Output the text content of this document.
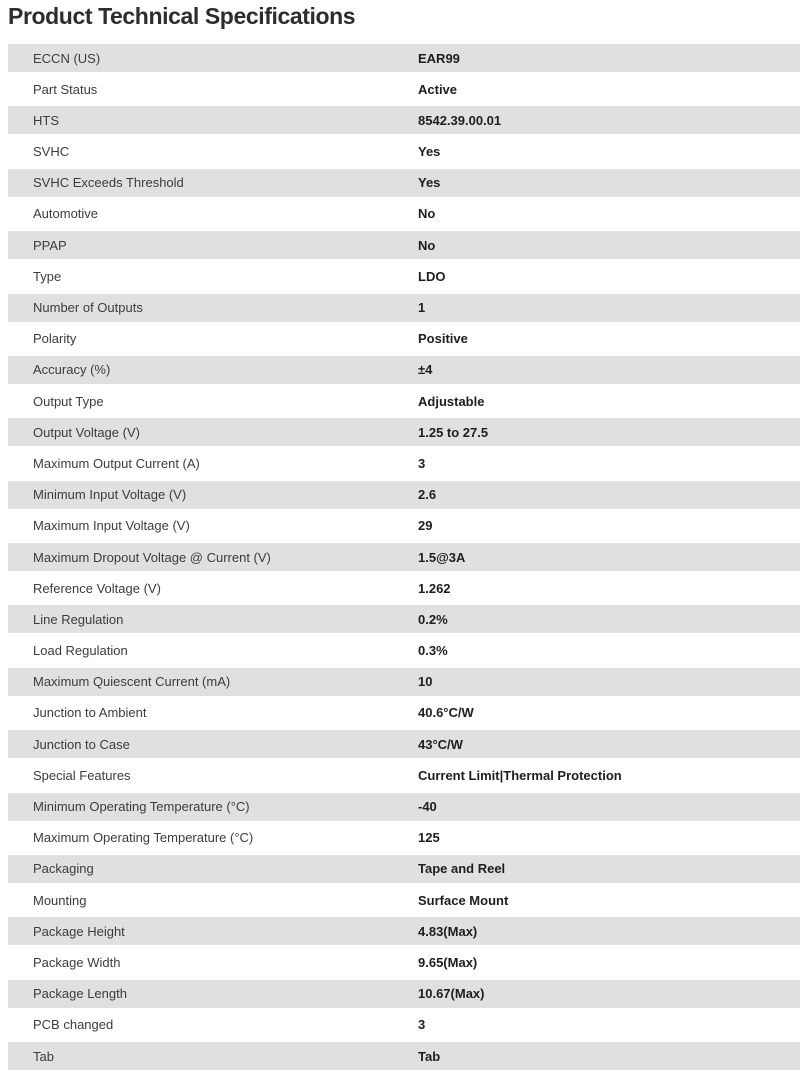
Product Technical Specifications
ECCN (US)	EAR99
Part Status	Active
HTS	8542.39.00.01
SVHC	Yes
SVHC Exceeds Threshold	Yes
Automotive	No
PPAP	No
Type	LDO
Number of Outputs	1
Polarity	Positive
Accuracy (%)	±4
Output Type	Adjustable
Output Voltage (V)	1.25 to 27.5
Maximum Output Current (A)	3
Minimum Input Voltage (V)	2.6
Maximum Input Voltage (V)	29
Maximum Dropout Voltage @ Current (V)	1.5@3A
Reference Voltage (V)	1.262
Line Regulation	0.2%
Load Regulation	0.3%
Maximum Quiescent Current (mA)	10
Junction to Ambient	40.6°C/W
Junction to Case	43°C/W
Special Features	Current Limit|Thermal Protection
Minimum Operating Temperature (°C)	-40
Maximum Operating Temperature (°C)	125
Packaging	Tape and Reel
Mounting	Surface Mount
Package Height	4.83(Max)
Package Width	9.65(Max)
Package Length	10.67(Max)
PCB changed	3
Tab	Tab
